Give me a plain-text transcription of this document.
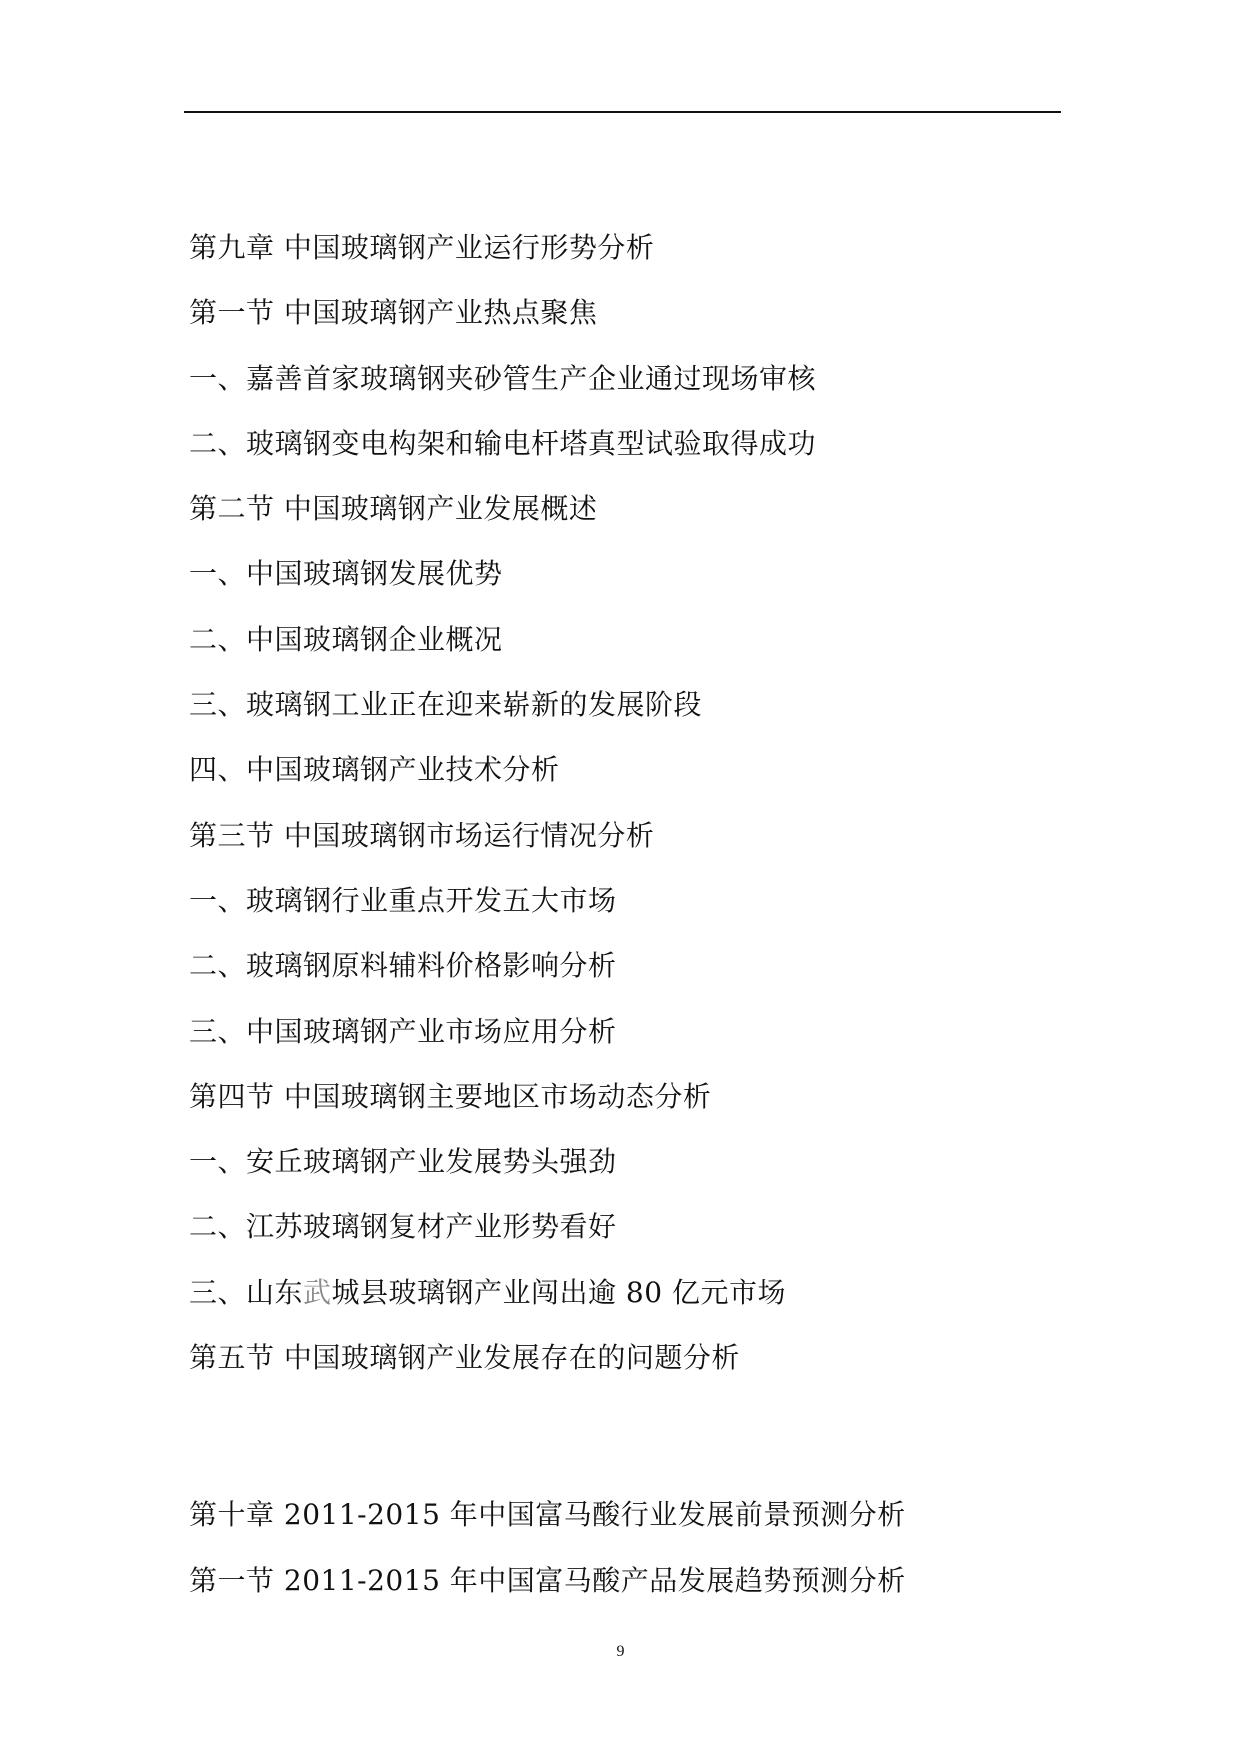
第九章 中国玻璃钢产业运行形势分析
第一节 中国玻璃钢产业热点聚焦
一、嘉善首家玻璃钢夹砂管生产企业通过现场审核
二、玻璃钢变电构架和输电杆塔真型试验取得成功
第二节 中国玻璃钢产业发展概述
一、中国玻璃钢发展优势
二、中国玻璃钢企业概况
三、玻璃钢工业正在迎来崭新的发展阶段
四、中国玻璃钢产业技术分析
第三节 中国玻璃钢市场运行情况分析
一、玻璃钢行业重点开发五大市场
二、玻璃钢原料辅料价格影响分析
三、中国玻璃钢产业市场应用分析
第四节 中国玻璃钢主要地区市场动态分析
一、安丘玻璃钢产业发展势头强劲
二、江苏玻璃钢复材产业形势看好
三、山东武城县玻璃钢产业闯出逾 80 亿元市场
第五节 中国玻璃钢产业发展存在的问题分析
第十章 2011-2015 年中国富马酸行业发展前景预测分析
第一节 2011-2015 年中国富马酸产品发展趋势预测分析
9
